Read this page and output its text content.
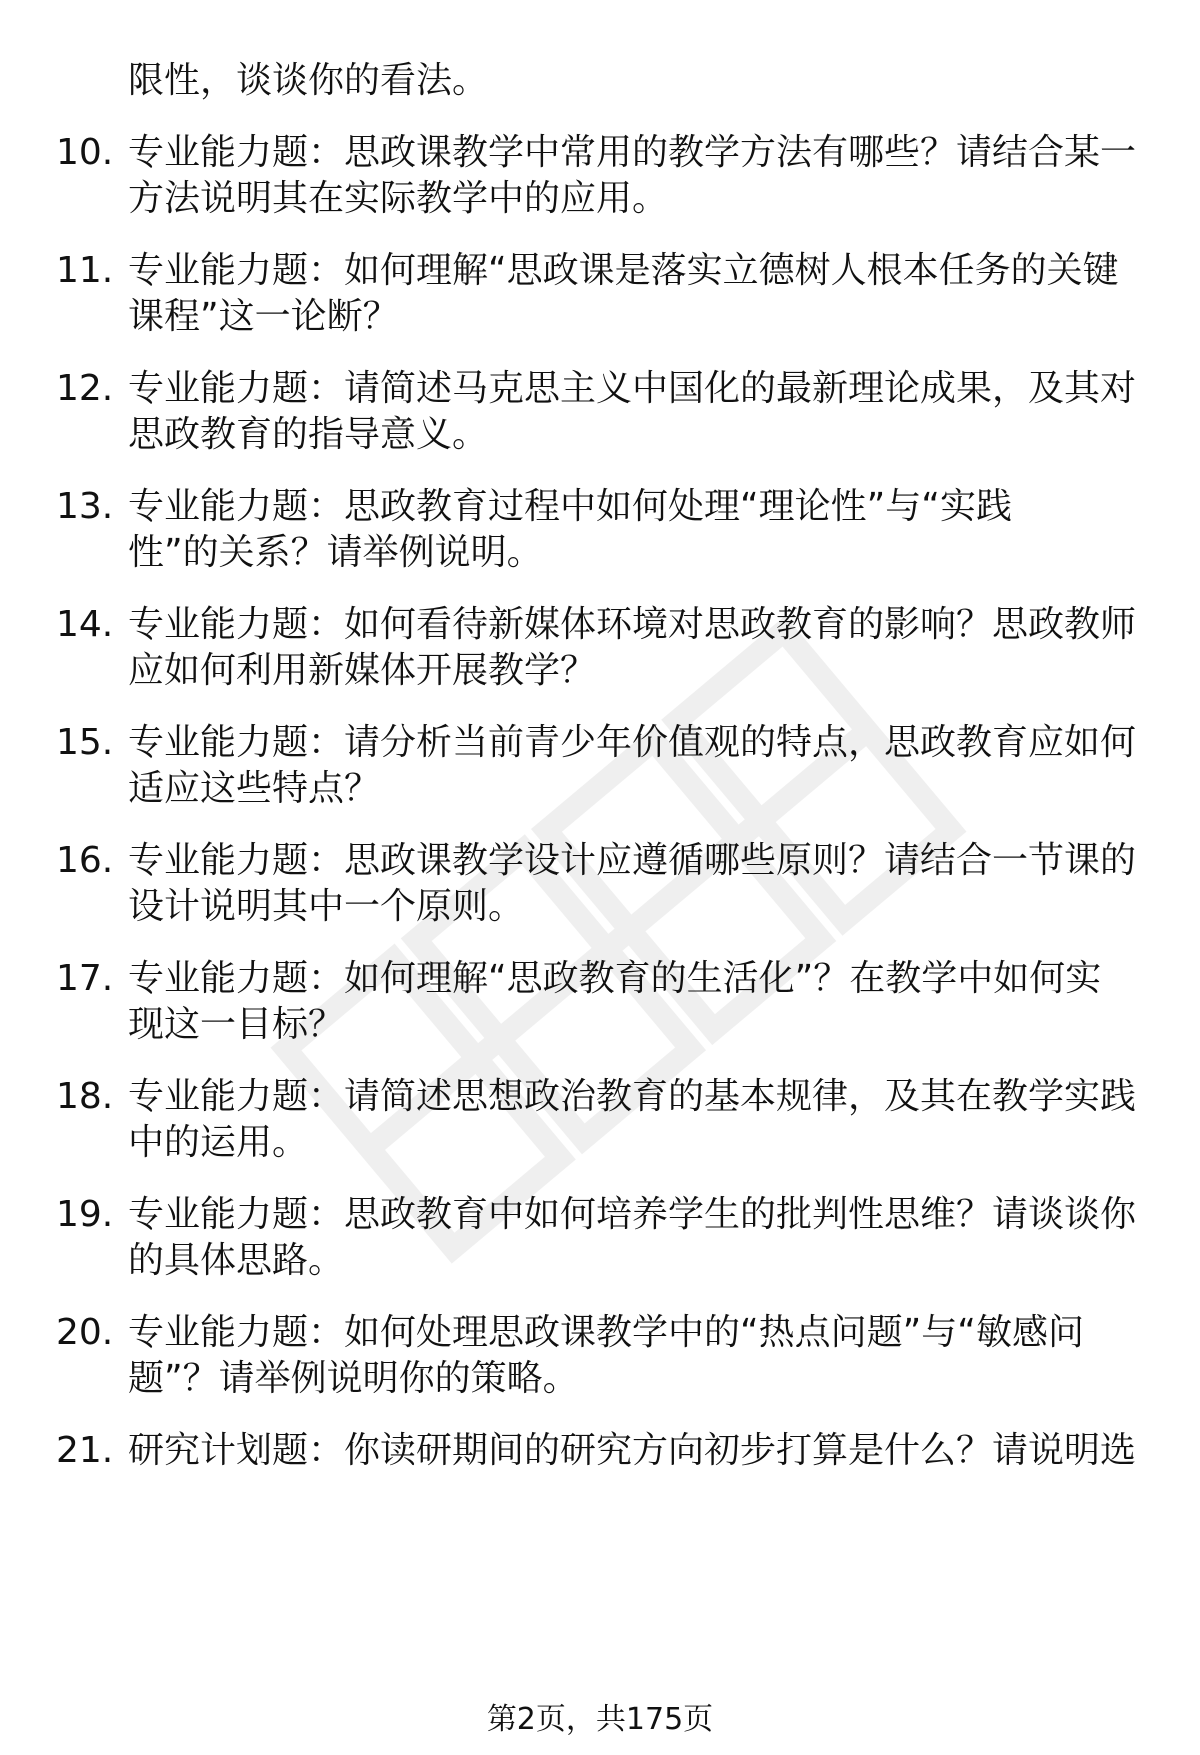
限性，谈谈你的看法。
10. 专业能力题：思政课教学中常用的教学方法有哪些？请结合某一
方法说明其在实际教学中的应用。
11. 专业能力题：如何理解“思政课是落实立德树人根本任务的关键
课程”这一论断？
12. 专业能力题：请简述马克思主义中国化的最新理论成果，及其对
思政教育的指导意义。
13. 专业能力题：思政教育过程中如何处理“理论性”与“实践
性”的关系？请举例说明。
14. 专业能力题：如何看待新媒体环境对思政教育的影响？思政教师
应如何利用新媒体开展教学？
15. 专业能力题：请分析当前青少年价值观的特点，思政教育应如何
适应这些特点？
16. 专业能力题：思政课教学设计应遵循哪些原则？请结合一节课的
设计说明其中一个原则。
17. 专业能力题：如何理解“思政教育的生活化”？在教学中如何实
现这一目标？
18. 专业能力题：请简述思想政治教育的基本规律，及其在教学实践
中的运用。
19. 专业能力题：思政教育中如何培养学生的批判性思维？请谈谈你
的具体思路。
20. 专业能力题：如何处理思政课教学中的“热点问题”与“敏感问
题”？请举例说明你的策略。
21. 研究计划题：你读研期间的研究方向初步打算是什么？请说明选
第2页，共175页
